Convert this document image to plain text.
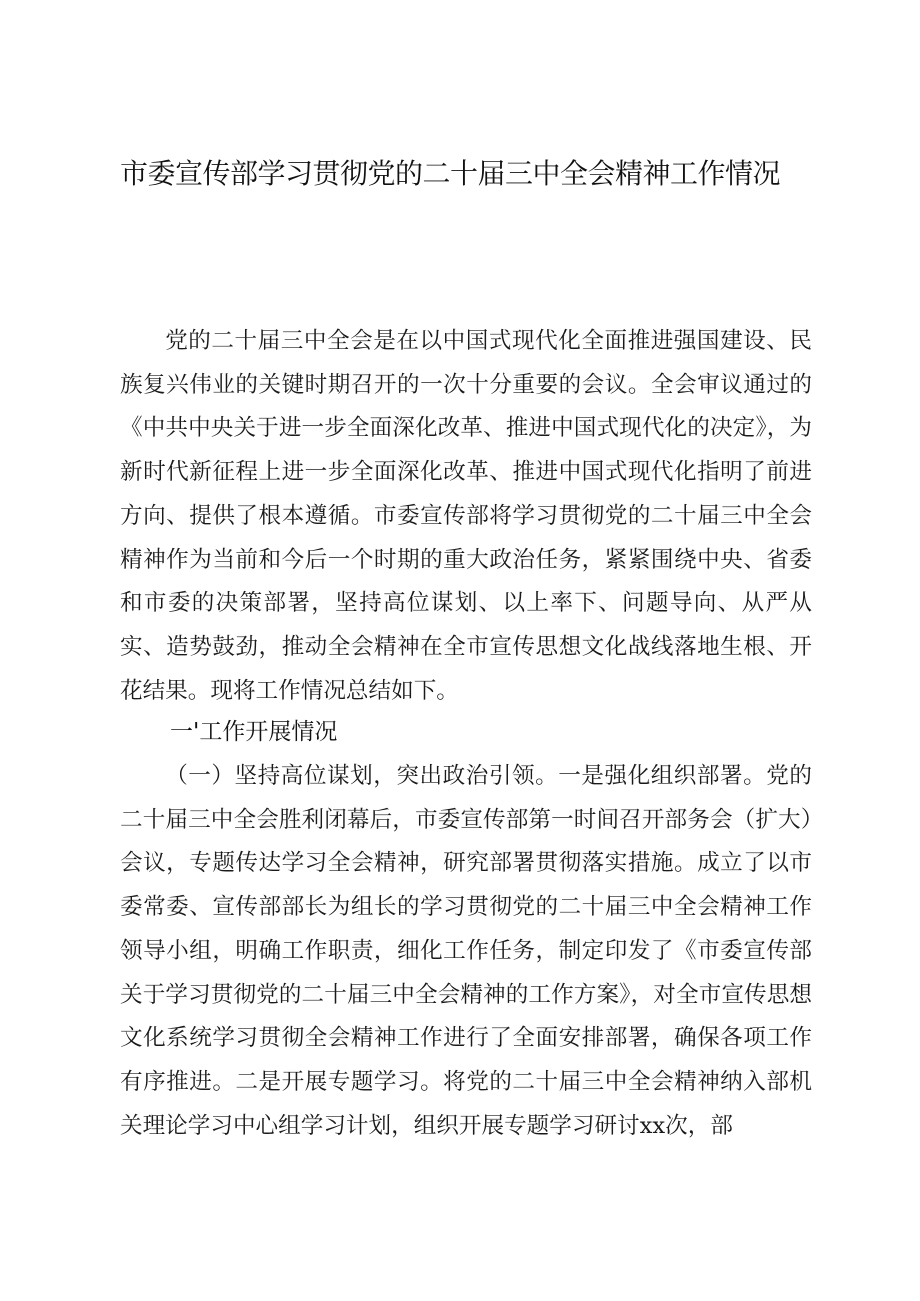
市委宣传部学习贯彻党的二十届三中全会精神工作情况

党的二十届三中全会是在以中国式现代化全面推进强国建设、民族复兴伟业的关键时期召开的一次十分重要的会议。全会审议通过的《中共中央关于进一步全面深化改革、推进中国式现代化的决定》，为新时代新征程上进一步全面深化改革、推进中国式现代化指明了前进方向、提供了根本遵循。市委宣传部将学习贯彻党的二十届三中全会精神作为当前和今后一个时期的重大政治任务，紧紧围绕中央、省委和市委的决策部署，坚持高位谋划、以上率下、问题导向、从严从实、造势鼓劲，推动全会精神在全市宣传思想文化战线落地生根、开花结果。现将工作情况总结如下。

一'工作开展情况

（一）坚持高位谋划，突出政治引领。一是强化组织部署。党的二十届三中全会胜利闭幕后，市委宣传部第一时间召开部务会（扩大）会议，专题传达学习全会精神，研究部署贯彻落实措施。成立了以市委常委、宣传部部长为组长的学习贯彻党的二十届三中全会精神工作领导小组，明确工作职责，细化工作任务，制定印发了《市委宣传部关于学习贯彻党的二十届三中全会精神的工作方案》，对全市宣传思想文化系统学习贯彻全会精神工作进行了全面安排部署，确保各项工作有序推进。二是开展专题学习。将党的二十届三中全会精神纳入部机关理论学习中心组学习计划，组织开展专题学习研讨xx次，部
